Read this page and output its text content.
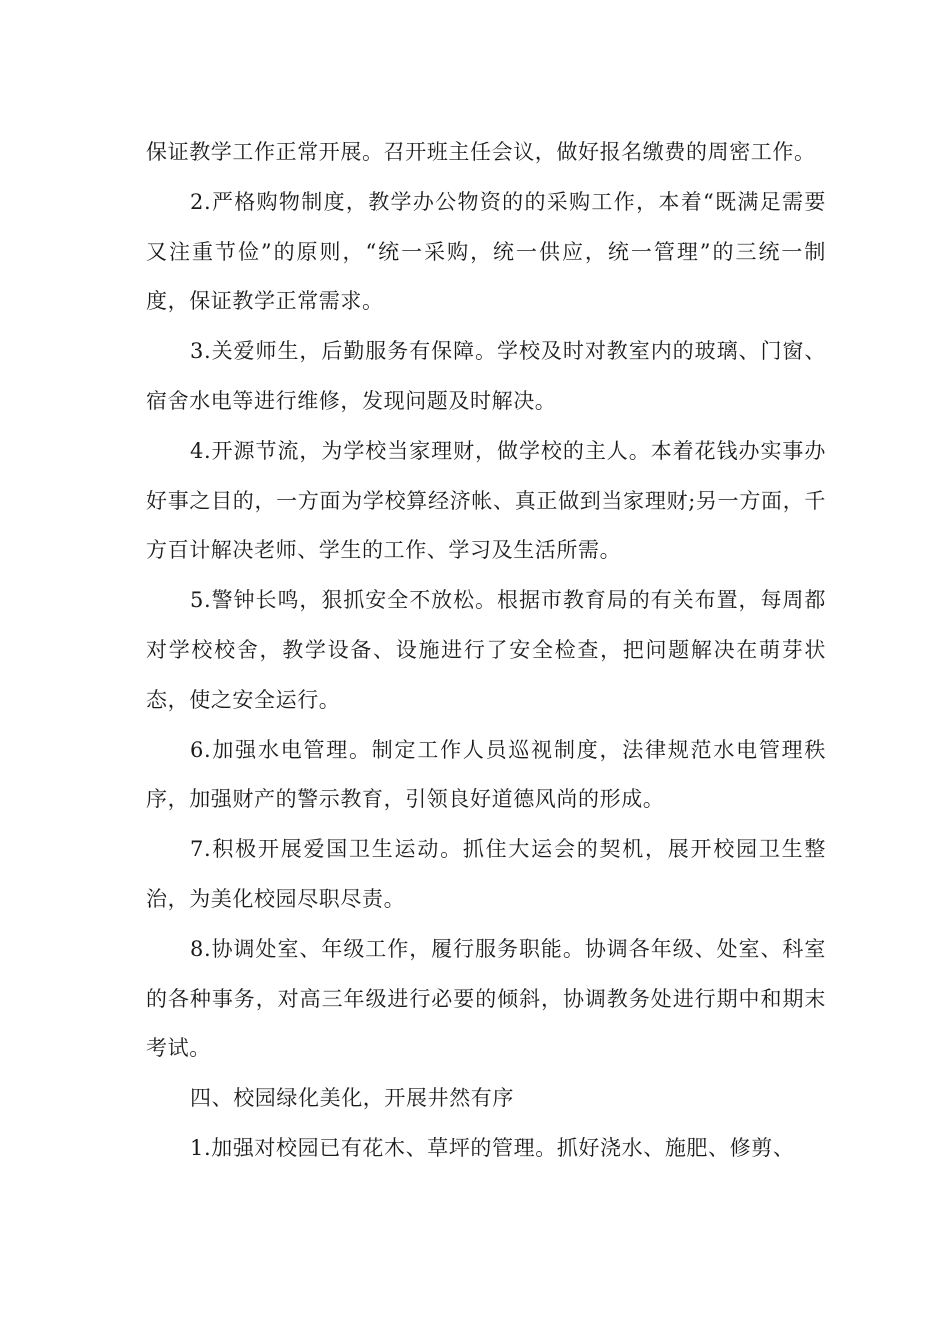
保证教学工作正常开展。召开班主任会议，做好报名缴费的周密工作。

2.严格购物制度，教学办公物资的的采购工作，本着“既满足需要又注重节俭”的原则，“统一采购，统一供应，统一管理”的三统一制度，保证教学正常需求。

3.关爱师生，后勤服务有保障。学校及时对教室内的玻璃、门窗、宿舍水电等进行维修，发现问题及时解决。

4.开源节流，为学校当家理财，做学校的主人。本着花钱办实事办好事之目的，一方面为学校算经济帐、真正做到当家理财;另一方面，千方百计解决老师、学生的工作、学习及生活所需。

5.警钟长鸣，狠抓安全不放松。根据市教育局的有关布置，每周都对学校校舍，教学设备、设施进行了安全检查，把问题解决在萌芽状态，使之安全运行。

6.加强水电管理。制定工作人员巡视制度，法律规范水电管理秩序，加强财产的警示教育，引领良好道德风尚的形成。

7.积极开展爱国卫生运动。抓住大运会的契机，展开校园卫生整治，为美化校园尽职尽责。

8.协调处室、年级工作，履行服务职能。协调各年级、处室、科室的各种事务，对高三年级进行必要的倾斜，协调教务处进行期中和期末考试。

四、校园绿化美化，开展井然有序

1.加强对校园已有花木、草坪的管理。抓好浇水、施肥、修剪、
